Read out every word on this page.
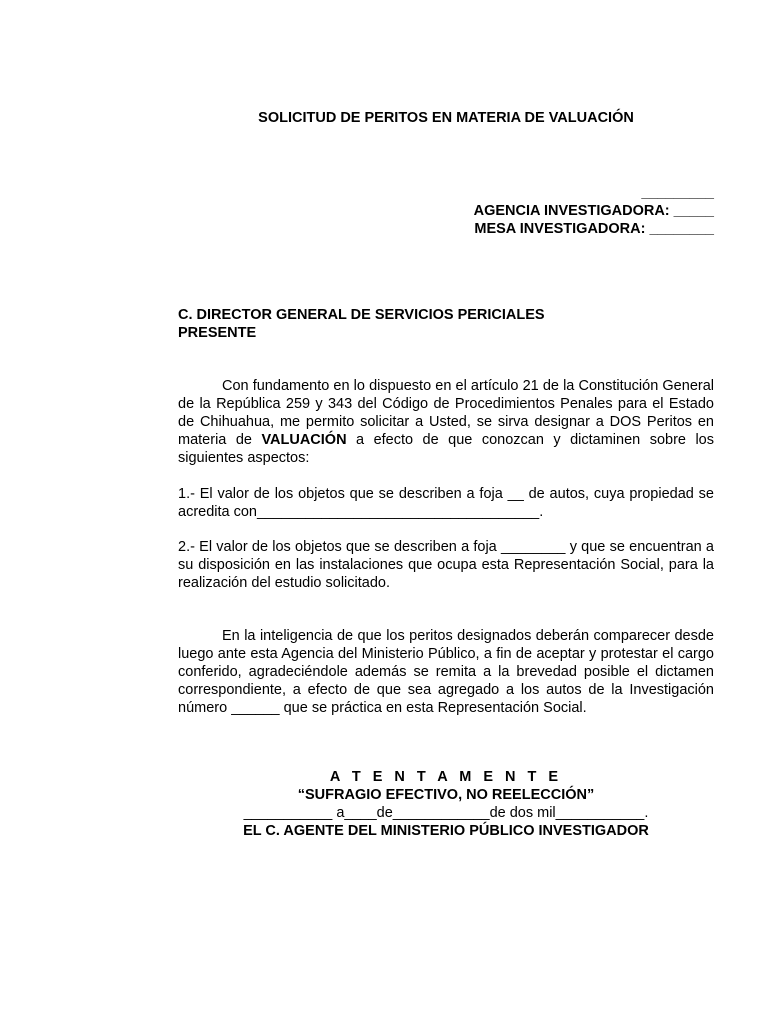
SOLICITUD DE PERITOS EN MATERIA DE VALUACIÓN
_________
AGENCIA INVESTIGADORA: _____
MESA INVESTIGADORA: ________
C. DIRECTOR GENERAL DE SERVICIOS PERICIALES
PRESENTE
Con fundamento en lo dispuesto en el artículo 21 de la Constitución General de la República 259 y 343 del Código de Procedimientos Penales para el Estado de Chihuahua, me permito solicitar a Usted, se sirva designar a DOS Peritos en materia de VALUACIÓN a efecto de que conozcan y dictaminen sobre los siguientes aspectos:
1.- El valor de los objetos que se describen a foja __ de autos, cuya propiedad se acredita con___________________________________.
2.- El valor de los objetos que se describen a foja ________ y que se encuentran a su disposición en las instalaciones que ocupa esta Representación Social, para la realización del estudio solicitado.
En la inteligencia de que los peritos designados deberán comparecer desde luego ante esta Agencia del Ministerio Público, a fin de aceptar y protestar el cargo conferido, agradeciéndole además se remita a la brevedad posible el dictamen correspondiente, a efecto de que sea agregado a los autos de la Investigación número ______ que se práctica en esta Representación Social.
A T E N T A M E N T E
“SUFRAGIO EFECTIVO, NO REELECCIÓN”
___________ a____de____________de dos mil___________.
EL C. AGENTE DEL MINISTERIO PÚBLICO INVESTIGADOR
